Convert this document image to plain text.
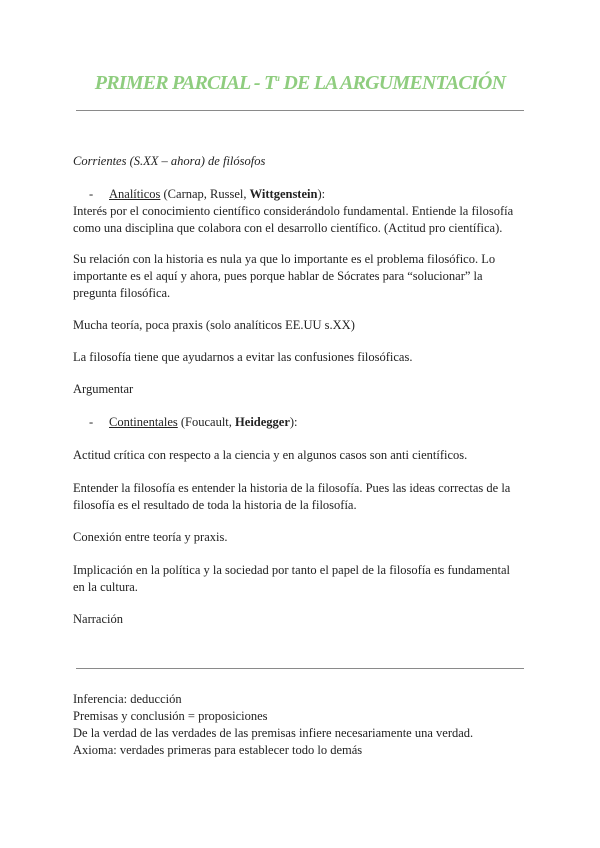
PRIMER PARCIAL - $T^a$ DE LA ARGUMENTACIÓN
Corrientes (S.XX – ahora) de filósofos
- Analíticos (Carnap, Russel, Wittgenstein):
Interés por el conocimiento científico considerándolo fundamental. Entiende la filosofía
como una disciplina que colabora con el desarrollo científico. (Actitud pro científica).
Su relación con la historia es nula ya que lo importante es el problema filosófico. Lo
importante es el aquí y ahora, pues porque hablar de Sócrates para “solucionar” la
pregunta filosófica.
Mucha teoría, poca praxis (solo analíticos EE.UU s.XX)
La filosofía tiene que ayudarnos a evitar las confusiones filosóficas.
Argumentar
- Continentales (Foucault, Heidegger):
Actitud crítica con respecto a la ciencia y en algunos casos son anti científicos.
Entender la filosofía es entender la historia de la filosofía. Pues las ideas correctas de la
filosofía es el resultado de toda la historia de la filosofía.
Conexión entre teoría y praxis.
Implicación en la política y la sociedad por tanto el papel de la filosofía es fundamental
en la cultura.
Narración
Inferencia: deducción
Premisas y conclusión = proposiciones
De la verdad de las verdades de las premisas infiere necesariamente una verdad.
Axioma: verdades primeras para establecer todo lo demás
